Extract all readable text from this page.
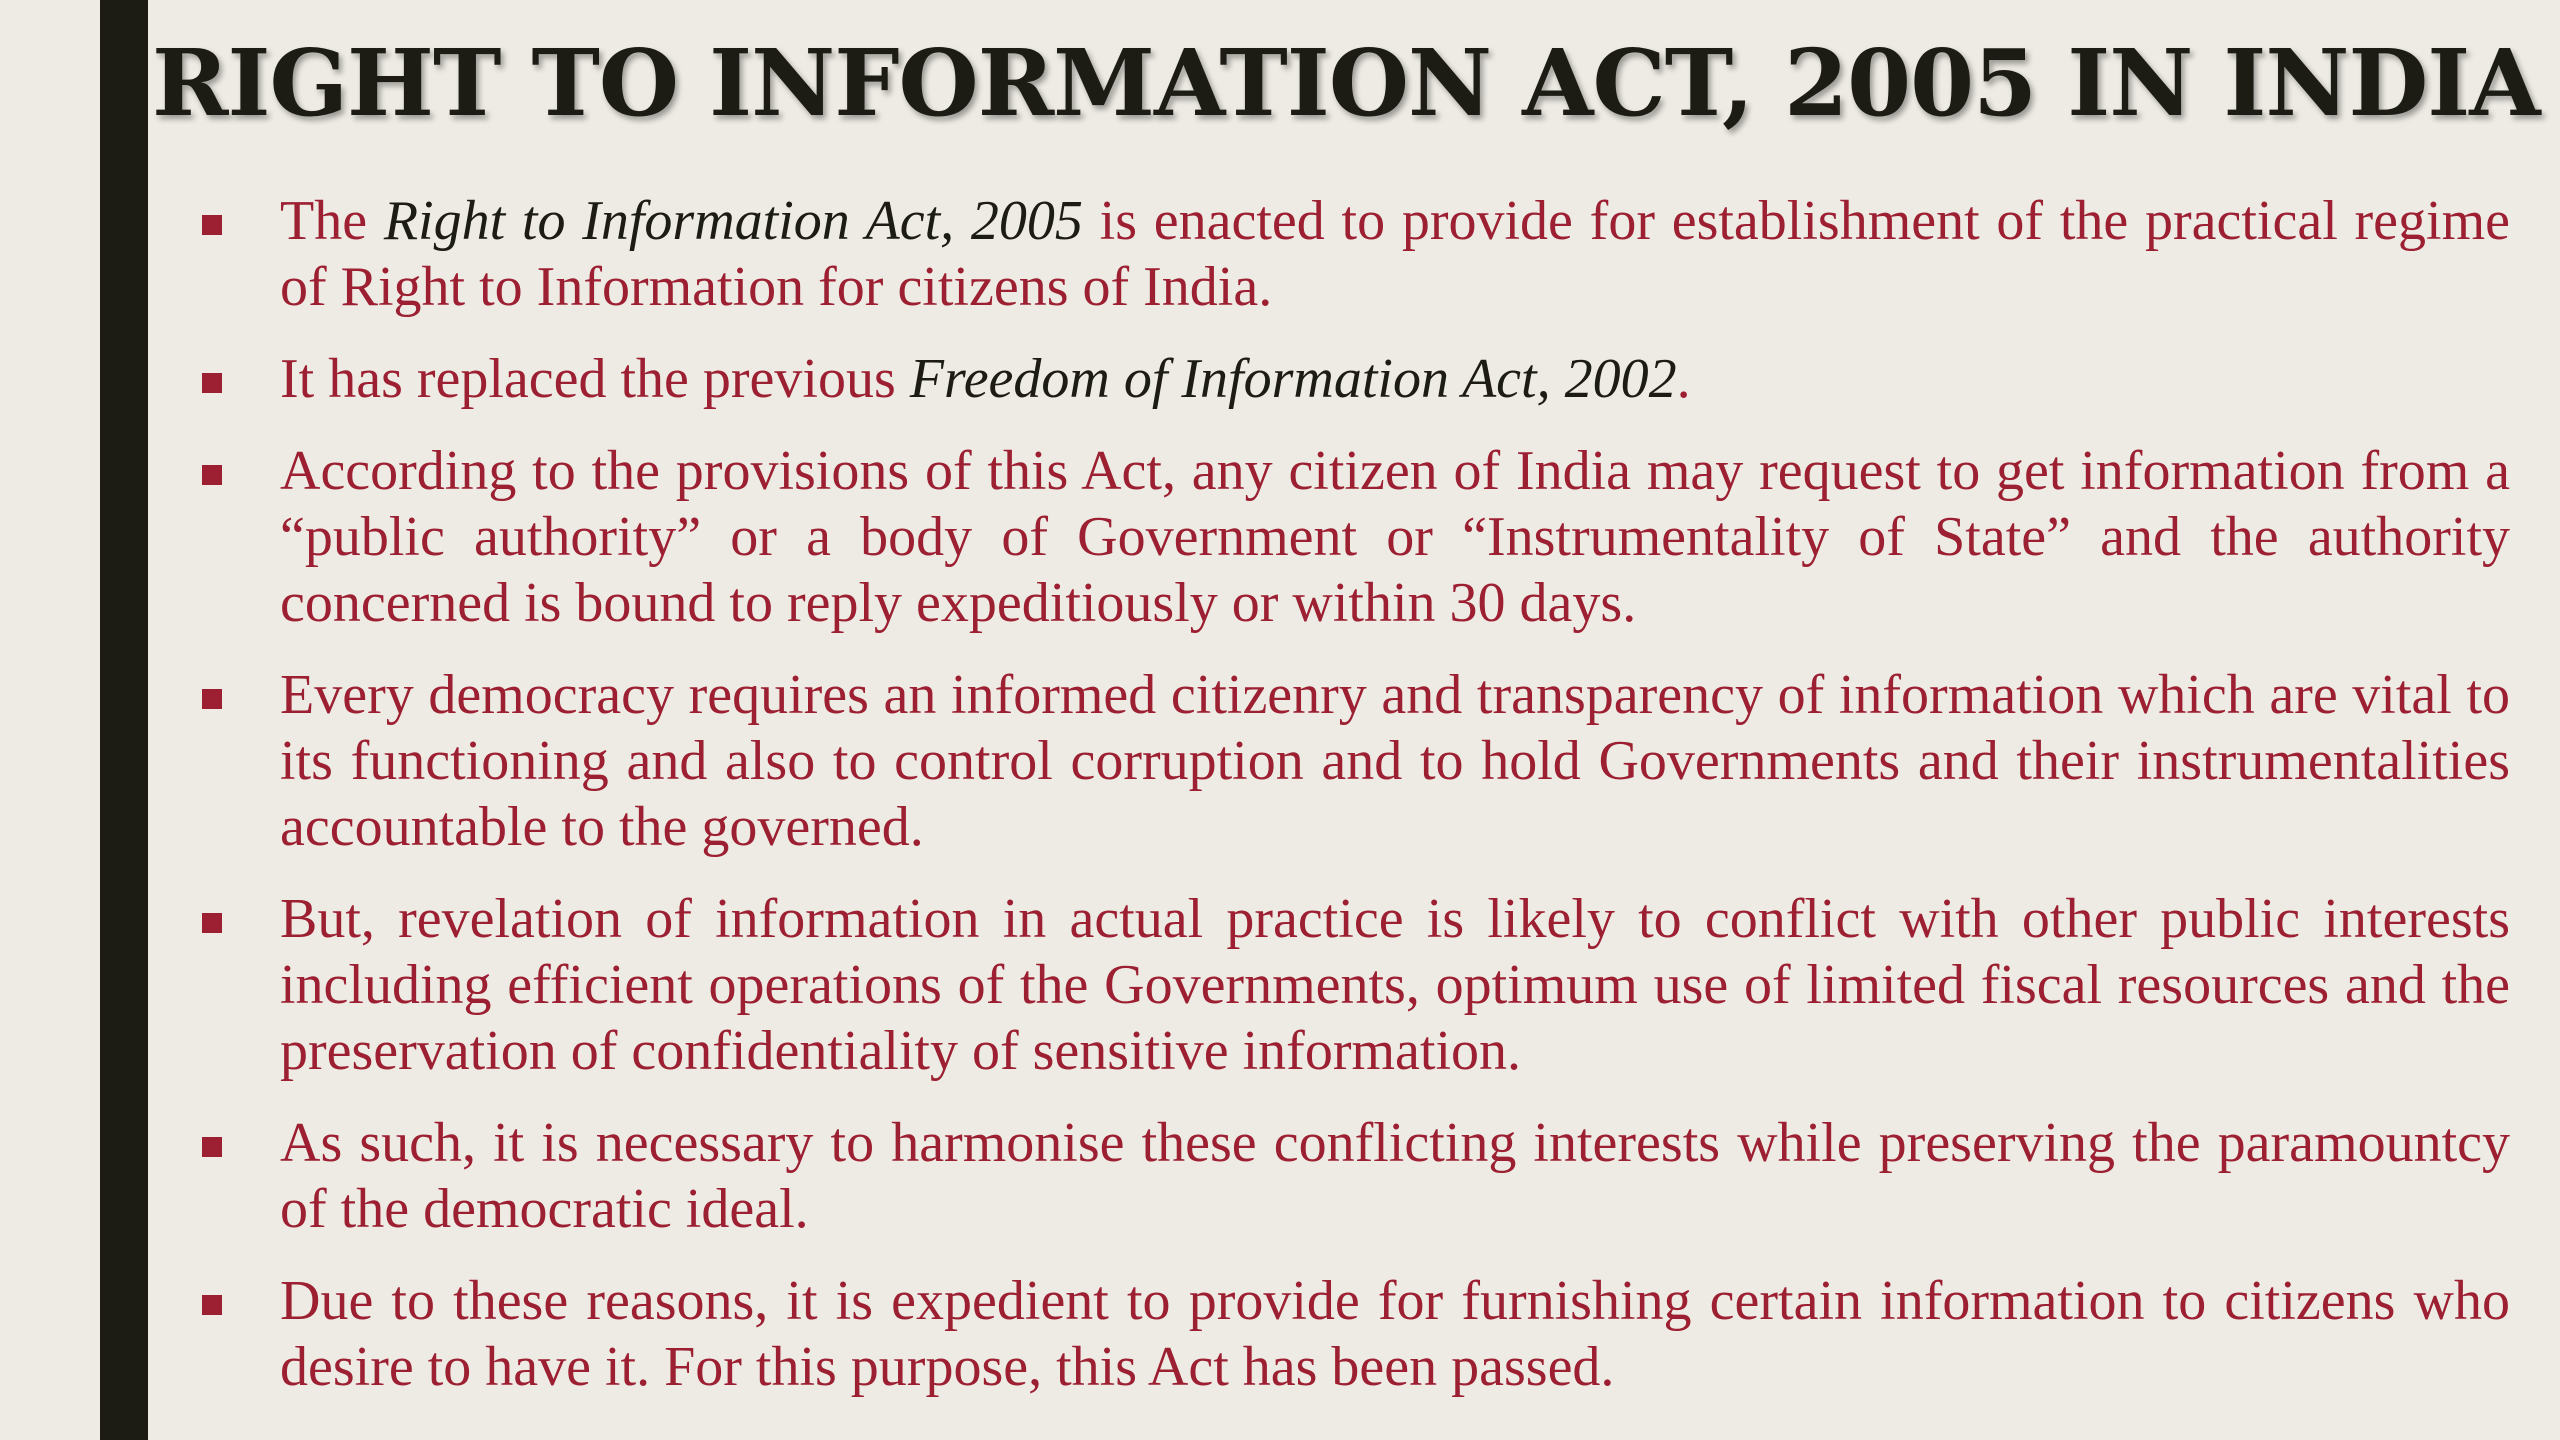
RIGHT TO INFORMATION ACT, 2005 IN INDIA
The Right to Information Act, 2005 is enacted to provide for establishment of the practical regime of Right to Information for citizens of India.
It has replaced the previous Freedom of Information Act, 2002.
According to the provisions of this Act, any citizen of India may request to get information from a “public authority” or a body of Government or “Instrumentality of State” and the authority concerned is bound to reply expeditiously or within 30 days.
Every democracy requires an informed citizenry and transparency of information which are vital to its functioning and also to control corruption and to hold Governments and their instrumentalities accountable to the governed.
But, revelation of information in actual practice is likely to conflict with other public interests including efficient operations of the Governments, optimum use of limited fiscal resources and the preservation of confidentiality of sensitive information.
As such, it is necessary to harmonise these conflicting interests while preserving the paramountcy of the democratic ideal.
Due to these reasons, it is expedient to provide for furnishing certain information to citizens who desire to have it. For this purpose, this Act has been passed.
